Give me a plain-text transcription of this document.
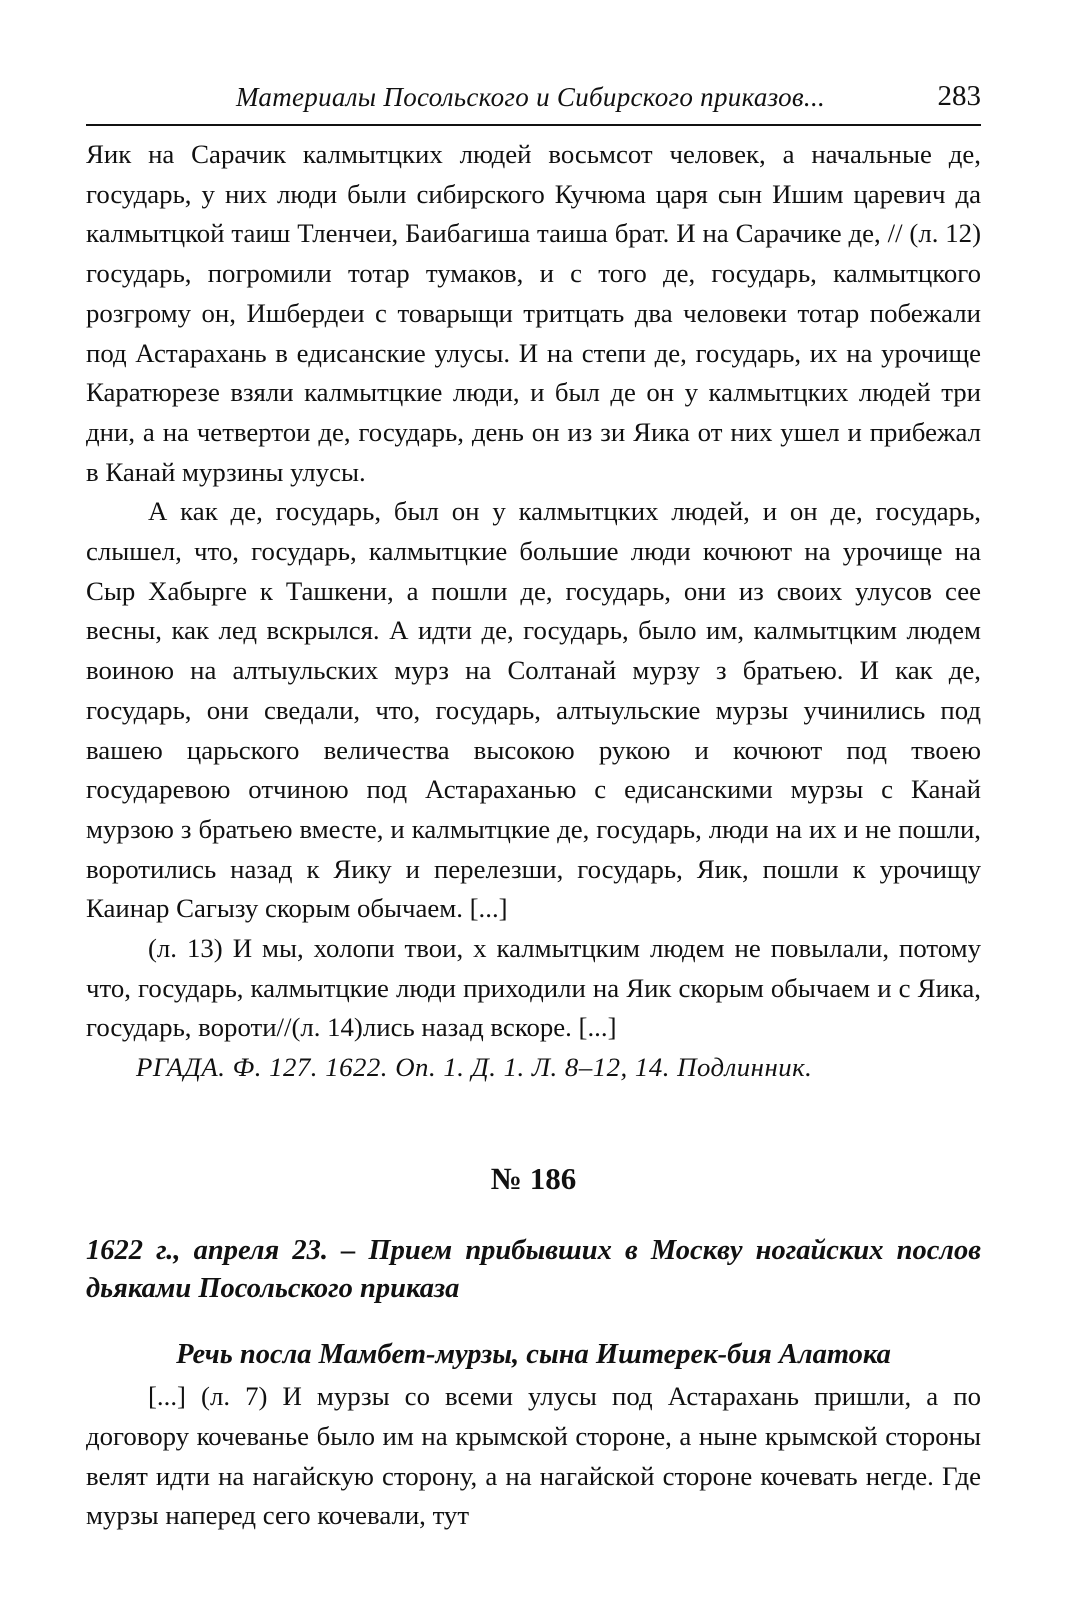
Материалы Посольского и Сибирского приказов...	283

Яик на Сарачик калмытцких людей восьмсот человек, а начальные де, государь, у них люди были сибирского Кучюма царя сын Ишим царевич да калмытцкой таиш Тленчеи, Баибагиша таиша брат. И на Сарачике де, // (л. 12) государь, погромили тотар тумаков, и с того де, государь, калмытцкого розгрому он, Ишбердеи с товарыщи тритцать два человеки тотар побежали под Астарахань в едисанские улусы. И на степи де, государь, их на урочище Каратюрезе взяли калмытцкие люди, и был де он у калмытцких людей три дни, а на четвертои де, государь, день он из зи Яика от них ушел и прибежал в Канай мурзины улусы.

А как де, государь, был он у калмытцких людей, и он де, государь, слышел, что, государь, калмытцкие большие люди кочюют на урочище на Сыр Хабырге к Ташкени, а пошли де, государь, они из своих улусов сее весны, как лед вскрылся. А идти де, государь, было им, калмытцким людем воиною на алтыульских мурз на Солтанай мурзу з братьею. И как де, государь, они сведали, что, государь, алтыульские мурзы учинились под вашею царьского величества высокою рукою и кочюют под твоею государевою отчиною под Астараханью с едисанскими мурзы с Канай мурзою з братьею вместе, и калмытцкие де, государь, люди на их и не пошли, воротились назад к Яику и перелезши, государь, Яик, пошли к урочищу Каинар Сагызу скорым обычаем. [...]

(л. 13) И мы, холопи твои, х калмытцким людем не повылали, потому что, государь, калмытцкие люди приходили на Яик скорым обычаем и с Яика, государь, вороти//(л. 14)лись назад вскоре. [...]

РГАДА. Ф. 127. 1622. Оп. 1. Д. 1. Л. 8–12, 14. Подлинник.

№ 186
1622 г., апреля 23. – Прием прибывших в Москву ногайских послов дьяками Посольского приказа
Речь посла Мамбет-мурзы, сына Иштерек-бия Алатока

[...] (л. 7) И мурзы со всеми улусы под Астарахань пришли, а по договору кочеванье было им на крымской стороне, а ныне крымской стороны велят идти на нагайскую сторону, а на нагайской стороне кочевать негде. Где мурзы наперед сего кочевали, тут
